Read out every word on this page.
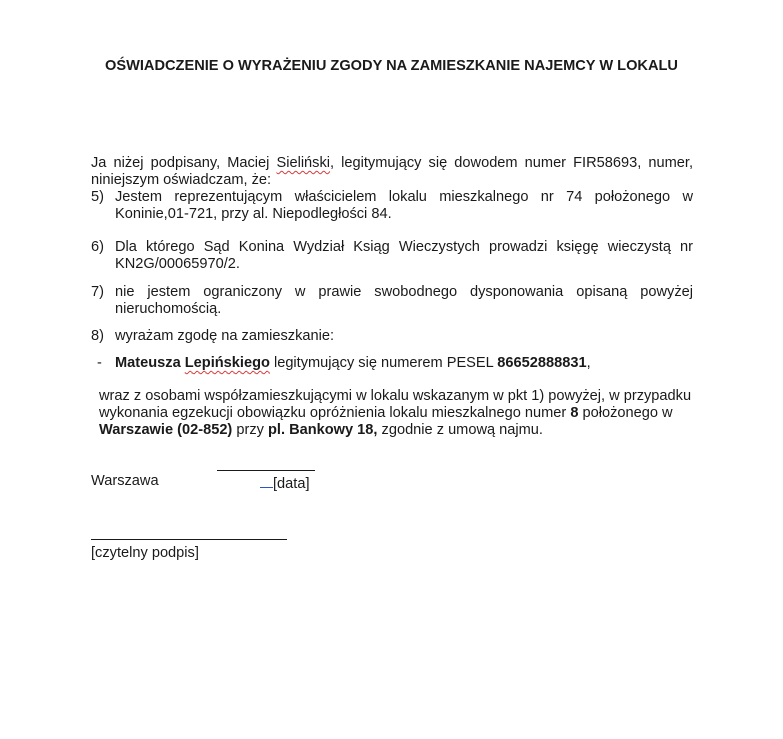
OŚWIADCZENIE O WYRAŻENIU ZGODY NA ZAMIESZKANIE NAJEMCY W LOKALU
Ja niżej podpisany, Maciej Sieliński, legitymujący się dowodem numer FIR58693, numer, niniejszym oświadczam, że:
5) Jestem reprezentującym właścicielem lokalu mieszkalnego nr 74 położonego w Koninie,01-721, przy al. Niepodległości 84.
6) Dla którego Sąd Konina Wydział Ksiąg Wieczystych prowadzi księgę wieczystą nr KN2G/00065970/2.
7) nie jestem ograniczony w prawie swobodnego dysponowania opisaną powyżej nieruchomością.
8) wyrażam zgodę na zamieszkanie:
- Mateusza Lepińskiego legitymujący się numerem PESEL 86652888831,
wraz z osobami współzamieszkującymi w lokalu wskazanym w pkt 1) powyżej, w przypadku wykonania egzekucji obowiązku opróżnienia lokalu mieszkalnego numer 8 położonego w Warszawie (02-852) przy pl. Bankowy 18, zgodnie z umową najmu.
Warszawa	[data]
[czytelny podpis]
